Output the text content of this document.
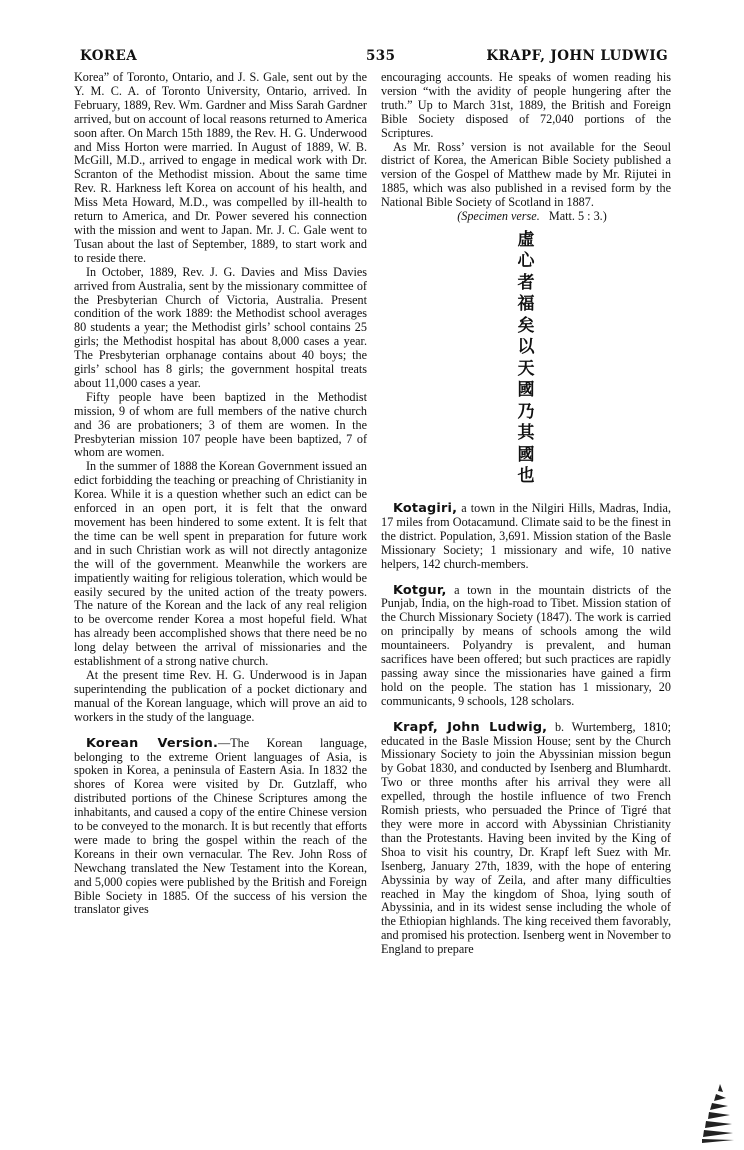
KOREA	535	KRAPF, JOHN LUDWIG

Korea” of Toronto, Ontario, and J. S. Gale, sent out by the Y. M. C. A. of Toronto University, Ontario, arrived. In February, 1889, Rev. Wm. Gardner and Miss Sarah Gardner arrived, but on account of local reasons returned to America soon after. On March 15th 1889, the Rev. H. G. Underwood and Miss Horton were married. In August of 1889, W. B. McGill, M.D., arrived to engage in medical work with Dr. Scranton of the Methodist mission. About the same time Rev. R. Harkness left Korea on account of his health, and Miss Meta Howard, M.D., was compelled by ill-health to return to America, and Dr. Power severed his connection with the mission and went to Japan. Mr. J. C. Gale went to Tusan about the last of September, 1889, to start work and to reside there.

In October, 1889, Rev. J. G. Davies and Miss Davies arrived from Australia, sent by the missionary committee of the Presbyterian Church of Victoria, Australia. Present condition of the work 1889: the Methodist school averages 80 students a year; the Methodist girls’ school contains 25 girls; the Methodist hospital has about 8,000 cases a year. The Presbyterian orphanage contains about 40 boys; the girls’ school has 8 girls; the government hospital treats about 11,000 cases a year.

Fifty people have been baptized in the Methodist mission, 9 of whom are full members of the native church and 36 are probationers; 3 of them are women. In the Presbyterian mission 107 people have been baptized, 7 of whom are women.

In the summer of 1888 the Korean Government issued an edict forbidding the teaching or preaching of Christianity in Korea. While it is a question whether such an edict can be enforced in an open port, it is felt that the onward movement has been hindered to some extent. It is felt that the time can be well spent in preparation for future work and in such Christian work as will not directly antagonize the will of the government. Meanwhile the workers are impatiently waiting for religious toleration, which would be easily secured by the united action of the treaty powers. The nature of the Korean and the lack of any real religion to be overcome render Korea a most hopeful field. What has already been accomplished shows that there need be no long delay between the arrival of missionaries and the establishment of a strong native church.

At the present time Rev. H. G. Underwood is in Japan superintending the publication of a pocket dictionary and manual of the Korean language, which will prove an aid to workers in the study of the language.

Korean Version.—The Korean language, belonging to the extreme Orient languages of Asia, is spoken in Korea, a peninsula of Eastern Asia. In 1832 the shores of Korea were visited by Dr. Gutzlaff, who distributed portions of the Chinese Scriptures among the inhabitants, and caused a copy of the entire Chinese version to be conveyed to the monarch. It is but recently that efforts were made to bring the gospel within the reach of the Koreans in their own vernacular. The Rev. John Ross of Newchang translated the New Testament into the Korean, and 5,000 copies were published by the British and Foreign Bible Society in 1885. Of the success of his version the translator gives

encouraging accounts. He speaks of women reading his version “with the avidity of people hungering after the truth.” Up to March 31st, 1889, the British and Foreign Bible Society disposed of 72,040 portions of the Scriptures.

As Mr. Ross’ version is not available for the Seoul district of Korea, the American Bible Society published a version of the Gospel of Matthew made by Mr. Rijutei in 1885, which was also published in a revised form by the National Bible Society of Scotland in 1887.

(Specimen verse. Matt. 5 : 3.)

虛
心
者
福
矣
以
天
國
乃
其
國
也

Kotagiri, a town in the Nilgiri Hills, Madras, India, 17 miles from Ootacamund. Climate said to be the finest in the district. Population, 3,691. Mission station of the Basle Missionary Society; 1 missionary and wife, 10 native helpers, 142 church-members.

Kotgur, a town in the mountain districts of the Punjab, India, on the high-road to Tibet. Mission station of the Church Missionary Society (1847). The work is carried on principally by means of schools among the wild mountaineers. Polyandry is prevalent, and human sacrifices have been offered; but such practices are rapidly passing away since the missionaries have gained a firm hold on the people. The station has 1 missionary, 20 communicants, 9 schools, 128 scholars.

Krapf, John Ludwig, b. Wurtemberg, 1810; educated in the Basle Mission House; sent by the Church Missionary Society to join the Abyssinian mission begun by Gobat 1830, and conducted by Isenberg and Blumhardt. Two or three months after his arrival they were all expelled, through the hostile influence of two French Romish priests, who persuaded the Prince of Tigré that they were more in accord with Abyssinian Christianity than the Protestants. Having been invited by the King of Shoa to visit his country, Dr. Krapf left Suez with Mr. Isenberg, January 27th, 1839, with the hope of entering Abyssinia by way of Zeila, and after many difficulties reached in May the kingdom of Shoa, lying south of Abyssinia, and in its widest sense including the whole of the Ethiopian highlands. The king received them favorably, and promised his protection. Isenberg went in November to England to prepare
